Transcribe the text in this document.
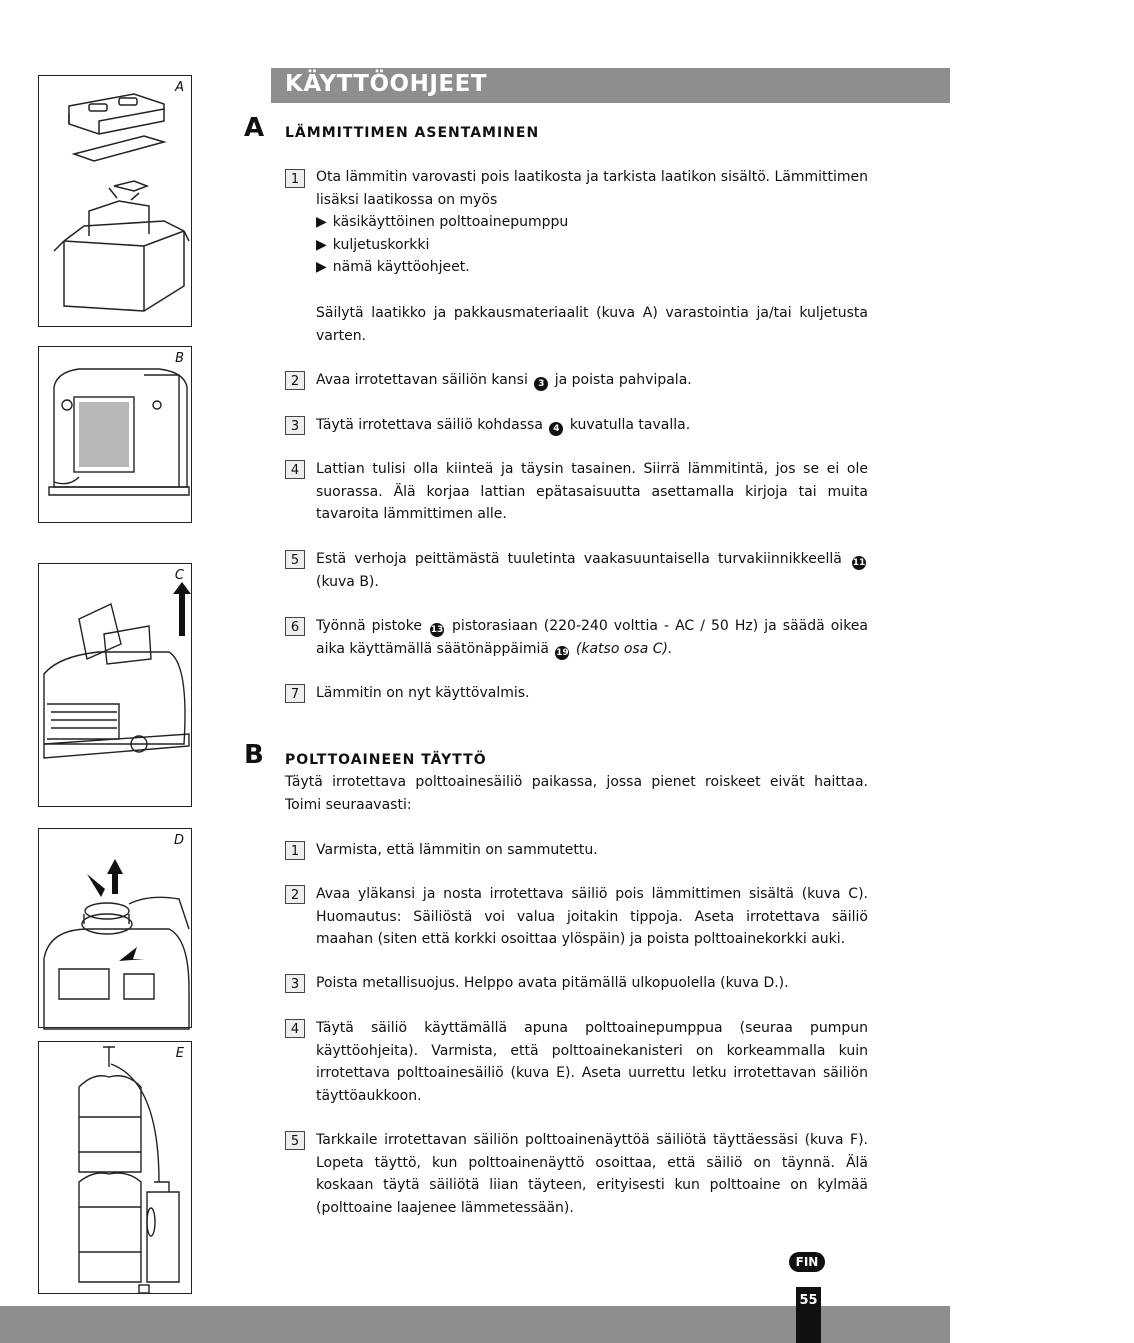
A
B
C
D
E
KÄYTTÖOHJEET	►►►►►►
A LÄMMITTIMEN ASENTAMINEN
1	Ota lämmitin varovasti pois laatikosta ja tarkista laatikon sisältö. Lämmittimen lisäksi laatikossa on myös
▶ käsikäyttöinen polttoainepumppu
▶ kuljetuskorkki
▶ nämä käyttöohjeet.
Säilytä laatikko ja pakkausmateriaalit (kuva A) varastointia ja/tai kuljetusta varten.
2	Avaa irrotettavan säiliön kansi 3 ja poista pahvipala.
3	Täytä irrotettava säiliö kohdassa 4 kuvatulla tavalla.
4	Lattian tulisi olla kiinteä ja täysin tasainen. Siirrä lämmitintä, jos se ei ole suorassa. Älä korjaa lattian epätasaisuutta asettamalla kirjoja tai muita tavaroita lämmittimen alle.
5	Estä verhoja peittämästä tuuletinta vaakasuuntaisella turvakiinnikkeellä 11 (kuva B).
6	Työnnä pistoke 13 pistorasiaan (220-240 volttia - AC / 50 Hz) ja säädä oikea aika käyttämällä säätönäppäimiä 19 (katso osa C).
7	Lämmitin on nyt käyttövalmis.
B POLTTOAINEEN TÄYTTÖ
Täytä irrotettava polttoainesäiliö paikassa, jossa pienet roiskeet eivät haittaa. Toimi seuraavasti:
1	Varmista, että lämmitin on sammutettu.
2	Avaa yläkansi ja nosta irrotettava säiliö pois lämmittimen sisältä (kuva C). Huomautus: Säiliöstä voi valua joitakin tippoja. Aseta irrotettava säiliö maahan (siten että korkki osoittaa ylöspäin) ja poista polttoainekorkki auki.
3	Poista metallisuojus. Helppo avata pitämällä ulkopuolella (kuva D.).
4	Täytä säiliö käyttämällä apuna polttoainepumppua (seuraa pumpun käyttöohjeita). Varmista, että polttoainekanisteri on korkeammalla kuin irrotettava polttoainesäiliö (kuva E). Aseta uurrettu letku irrotettavan säiliön täyttöaukkoon.
5	Tarkkaile irrotettavan säiliön polttoainenäyttöä säiliötä täyttäessäsi (kuva F). Lopeta täyttö, kun polttoainenäyttö osoittaa, että säiliö on täynnä. Älä koskaan täytä säiliötä liian täyteen, erityisesti kun polttoaine on kylmää (polttoaine laajenee lämmetessään).
FIN
55
